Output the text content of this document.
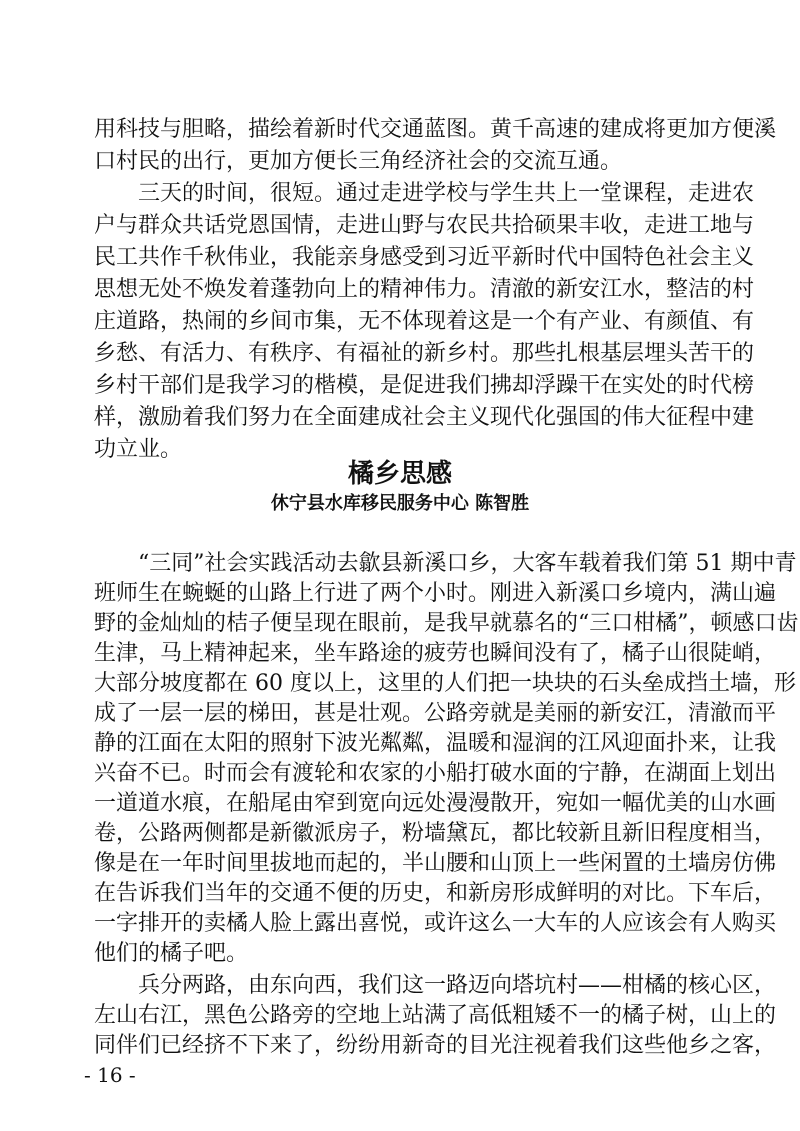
用科技与胆略，描绘着新时代交通蓝图。黄千高速的建成将更加方便溪
口村民的出行，更加方便长三角经济社会的交流互通。
三天的时间，很短。通过走进学校与学生共上一堂课程，走进农
户与群众共话党恩国情，走进山野与农民共拾硕果丰收，走进工地与
民工共作千秋伟业，我能亲身感受到习近平新时代中国特色社会主义
思想无处不焕发着蓬勃向上的精神伟力。清澈的新安江水，整洁的村
庄道路，热闹的乡间市集，无不体现着这是一个有产业、有颜值、有
乡愁、有活力、有秩序、有福祉的新乡村。那些扎根基层埋头苦干的
乡村干部们是我学习的楷模，是促进我们拂却浮躁干在实处的时代榜
样，激励着我们努力在全面建成社会主义现代化强国的伟大征程中建
功立业。
橘乡思感
休宁县水库移民服务中心 陈智胜
“三同”社会实践活动去歙县新溪口乡，大客车载着我们第 51 期中青
班师生在蜿蜒的山路上行进了两个小时。刚进入新溪口乡境内，满山遍
野的金灿灿的桔子便呈现在眼前，是我早就慕名的“三口柑橘”，顿感口齿
生津，马上精神起来，坐车路途的疲劳也瞬间没有了，橘子山很陡峭，
大部分坡度都在 60 度以上，这里的人们把一块块的石头垒成挡土墙，形
成了一层一层的梯田，甚是壮观。公路旁就是美丽的新安江，清澈而平
静的江面在太阳的照射下波光粼粼，温暖和湿润的江风迎面扑来，让我
兴奋不已。时而会有渡轮和农家的小船打破水面的宁静，在湖面上划出
一道道水痕，在船尾由窄到宽向远处漫漫散开，宛如一幅优美的山水画
卷，公路两侧都是新徽派房子，粉墙黛瓦，都比较新且新旧程度相当，
像是在一年时间里拔地而起的，半山腰和山顶上一些闲置的土墙房仿佛
在告诉我们当年的交通不便的历史，和新房形成鲜明的对比。下车后，
一字排开的卖橘人脸上露出喜悦，或许这么一大车的人应该会有人购买
他们的橘子吧。
兵分两路，由东向西，我们这一路迈向塔坑村——柑橘的核心区，
左山右江，黑色公路旁的空地上站满了高低粗矮不一的橘子树，山上的
同伴们已经挤不下来了，纷纷用新奇的目光注视着我们这些他乡之客，
- 16 -
